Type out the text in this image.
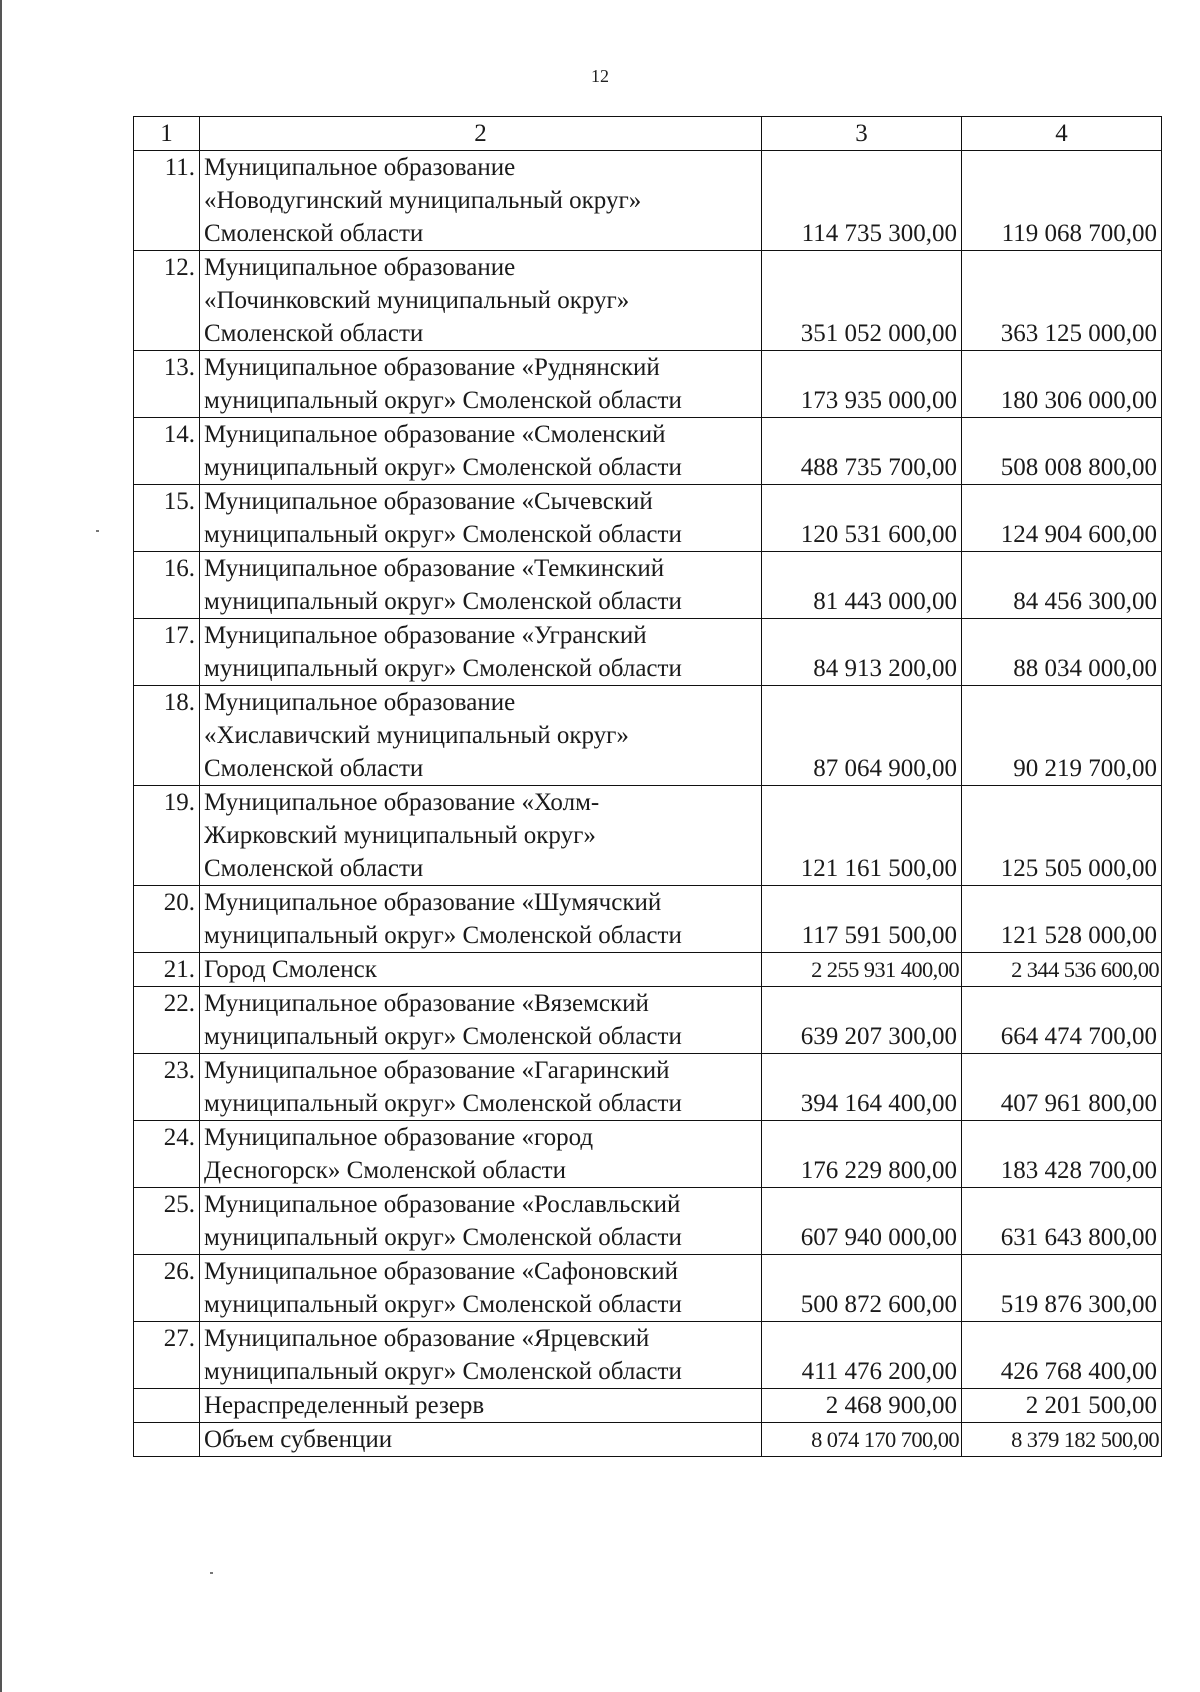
12
1	2	3	4
11.	Муниципальное образование
«Новодугинский муниципальный округ»
Смоленской области	114 735 300,00	119 068 700,00
12.	Муниципальное образование
«Починковский муниципальный округ»
Смоленской области	351 052 000,00	363 125 000,00
13.	Муниципальное образование «Руднянский
муниципальный округ» Смоленской области	173 935 000,00	180 306 000,00
14.	Муниципальное образование «Смоленский
муниципальный округ» Смоленской области	488 735 700,00	508 008 800,00
15.	Муниципальное образование «Сычевский
муниципальный округ» Смоленской области	120 531 600,00	124 904 600,00
16.	Муниципальное образование «Темкинский
муниципальный округ» Смоленской области	81 443 000,00	84 456 300,00
17.	Муниципальное образование «Угранский
муниципальный округ» Смоленской области	84 913 200,00	88 034 000,00
18.	Муниципальное образование
«Хиславичский муниципальный округ»
Смоленской области	87 064 900,00	90 219 700,00
19.	Муниципальное образование «Холм-
Жирковский муниципальный округ»
Смоленской области	121 161 500,00	125 505 000,00
20.	Муниципальное образование «Шумячский
муниципальный округ» Смоленской области	117 591 500,00	121 528 000,00
21.	Город Смоленск	2 255 931 400,00	2 344 536 600,00
22.	Муниципальное образование «Вяземский
муниципальный округ» Смоленской области	639 207 300,00	664 474 700,00
23.	Муниципальное образование «Гагаринский
муниципальный округ» Смоленской области	394 164 400,00	407 961 800,00
24.	Муниципальное образование «город
Десногорск» Смоленской области	176 229 800,00	183 428 700,00
25.	Муниципальное образование «Рославльский
муниципальный округ» Смоленской области	607 940 000,00	631 643 800,00
26.	Муниципальное образование «Сафоновский
муниципальный округ» Смоленской области	500 872 600,00	519 876 300,00
27.	Муниципальное образование «Ярцевский
муниципальный округ» Смоленской области	411 476 200,00	426 768 400,00

	Нераспределенный резерв	2 468 900,00	2 201 500,00

	Объем субвенции	8 074 170 700,00	8 379 182 500,00
